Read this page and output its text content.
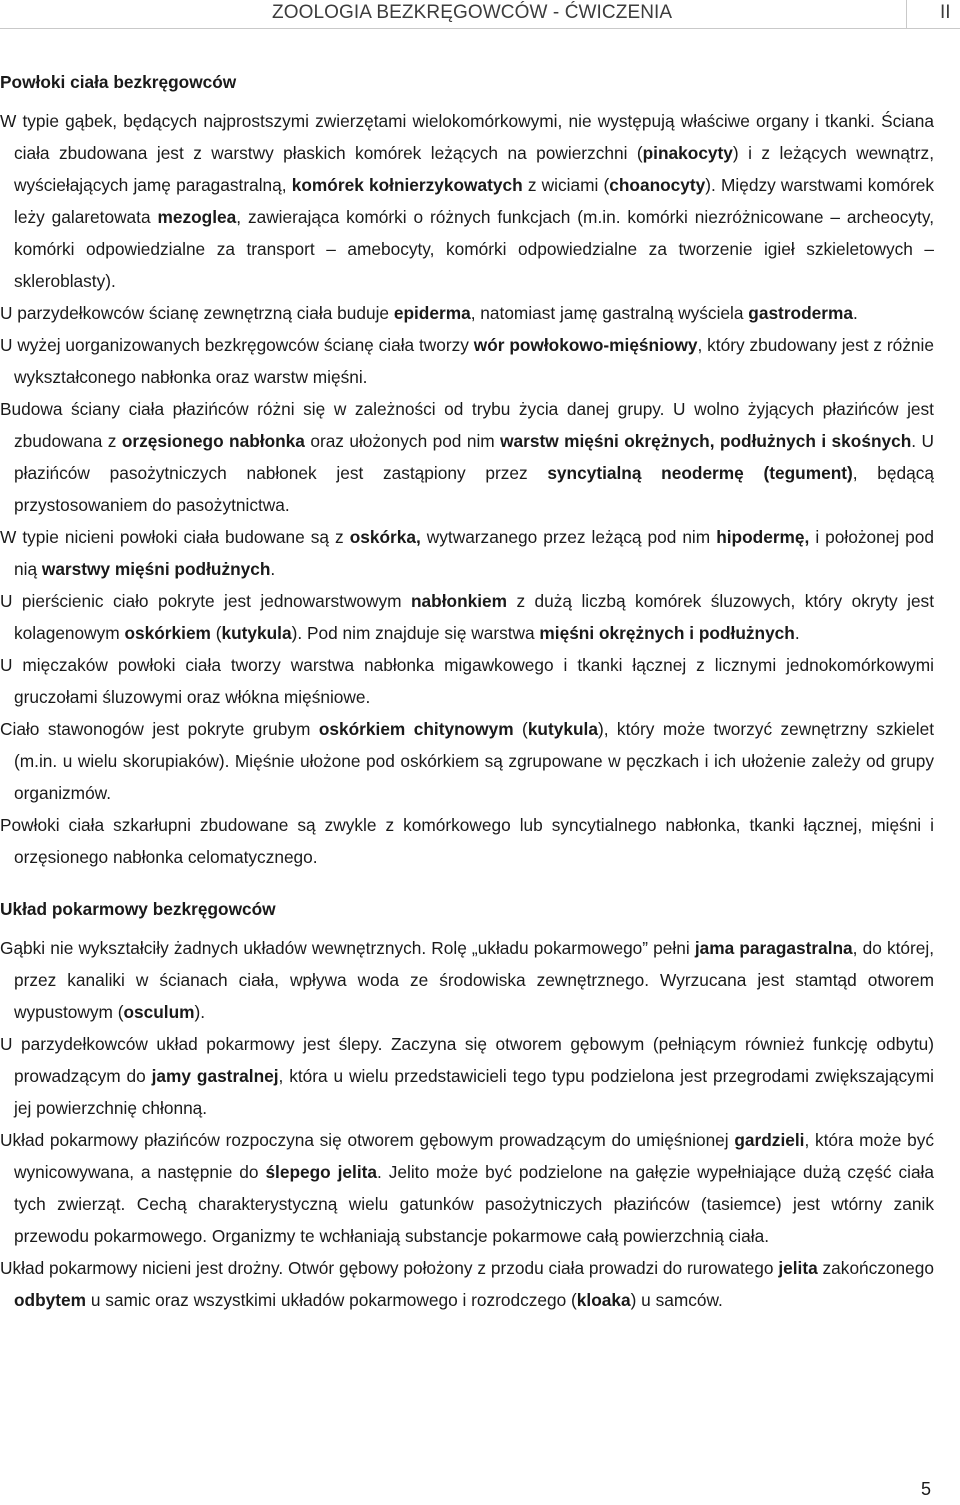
ZOOLOGIA BEZKRĘGOWCÓW - ĆWICZENIA	II
Powłoki ciała bezkręgowców

W typie gąbek, będących najprostszymi zwierzętami wielokomórkowymi, nie występują właściwe organy i tkanki. Ściana ciała zbudowana jest z warstwy płaskich komórek leżących na powierzchni (pinakocyty) i z leżących wewnątrz, wyściełających jamę paragastralną, komórek kołnierzykowatych z wiciami (choanocyty). Między warstwami komórek leży galaretowata mezoglea, zawierająca komórki o różnych funkcjach (m.in. komórki niezróżnicowane – archeocyty, komórki odpowiedzialne za transport – amebocyty, komórki odpowiedzialne za tworzenie igieł szkieletowych – skleroblasty).

U parzydełkowców ścianę zewnętrzną ciała buduje epiderma, natomiast jamę gastralną wyściela gastroderma.

U wyżej uorganizowanych bezkręgowców ścianę ciała tworzy wór powłokowo-mięśniowy, który zbudowany jest z różnie wykształconego nabłonka oraz warstw mięśni.

Budowa ściany ciała płazińców różni się w zależności od trybu życia danej grupy. U wolno żyjących płazińców jest zbudowana z orzęsionego nabłonka oraz ułożonych pod nim warstw mięśni okrężnych, podłużnych i skośnych. U płazińców pasożytniczych nabłonek jest zastąpiony przez syncytialną neodermę (tegument), będącą przystosowaniem do pasożytnictwa.

W typie nicieni powłoki ciała budowane są z oskórka, wytwarzanego przez leżącą pod nim hipodermę, i położonej pod nią warstwy mięśni podłużnych.

U pierścienic ciało pokryte jest jednowarstwowym nabłonkiem z dużą liczbą komórek śluzowych, który okryty jest kolagenowym oskórkiem (kutykula). Pod nim znajduje się warstwa mięśni okrężnych i podłużnych.

U mięczaków powłoki ciała tworzy warstwa nabłonka migawkowego i tkanki łącznej z licznymi jednokomórkowymi gruczołami śluzowymi oraz włókna mięśniowe.

Ciało stawonogów jest pokryte grubym oskórkiem chitynowym (kutykula), który może tworzyć zewnętrzny szkielet (m.in. u wielu skorupiaków). Mięśnie ułożone pod oskórkiem są zgrupowane w pęczkach i ich ułożenie zależy od grupy organizmów.

Powłoki ciała szkarłupni zbudowane są zwykle z komórkowego lub syncytialnego nabłonka, tkanki łącznej, mięśni i orzęsionego nabłonka celomatycznego.

Układ pokarmowy bezkręgowców

Gąbki nie wykształciły żadnych układów wewnętrznych. Rolę „układu pokarmowego” pełni jama paragastralna, do której, przez kanaliki w ścianach ciała, wpływa woda ze środowiska zewnętrznego. Wyrzucana jest stamtąd otworem wypustowym (osculum).

U parzydełkowców układ pokarmowy jest ślepy. Zaczyna się otworem gębowym (pełniącym również funkcję odbytu) prowadzącym do jamy gastralnej, która u wielu przedstawicieli tego typu podzielona jest przegrodami zwiększającymi jej powierzchnię chłonną.

Układ pokarmowy płazińców rozpoczyna się otworem gębowym prowadzącym do umięśnionej gardzieli, która może być wynicowywana, a następnie do ślepego jelita. Jelito może być podzielone na gałęzie wypełniające dużą część ciała tych zwierząt. Cechą charakterystyczną wielu gatunków pasożytniczych płazińców (tasiemce) jest wtórny zanik przewodu pokarmowego. Organizmy te wchłaniają substancje pokarmowe całą powierzchnią ciała.

Układ pokarmowy nicieni jest drożny. Otwór gębowy położony z przodu ciała prowadzi do rurowatego jelita zakończonego odbytem u samic oraz wszystkimi układów pokarmowego i rozrodczego (kloaka) u samców.

5
